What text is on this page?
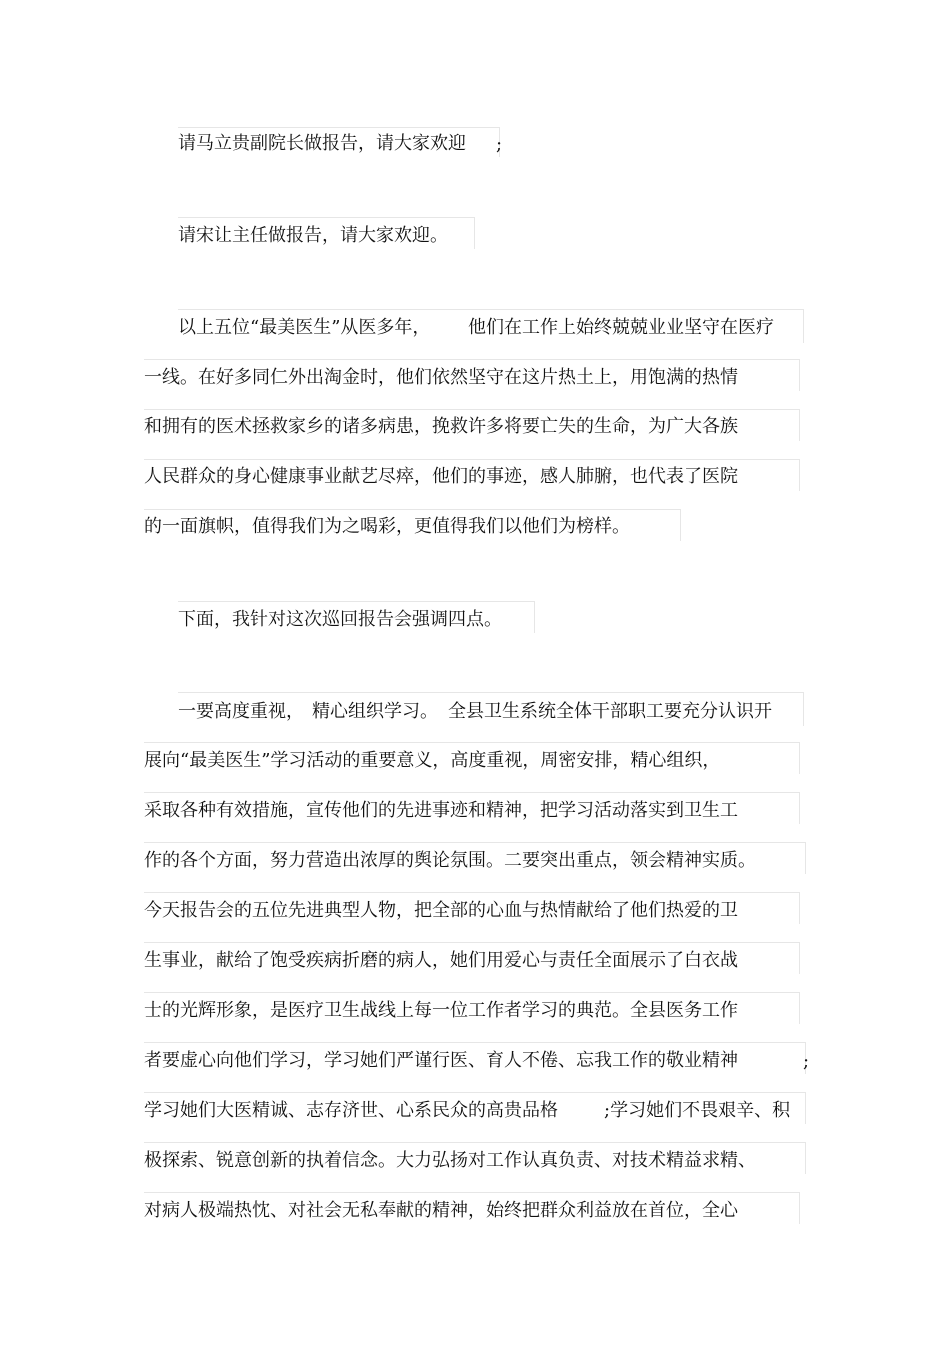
请马立贵副院长做报告，请大家欢迎 ;
请宋让主任做报告，请大家欢迎。
以上五位“最美医生”从医多年， 他们在工作上始终兢兢业业坚守在医疗
一线。在好多同仁外出淘金时，他们依然坚守在这片热土上，用饱满的热情
和拥有的医术拯救家乡的诸多病患，挽救许多将要亡失的生命，为广大各族
人民群众的身心健康事业献艺尽瘁，他们的事迹，感人肺腑，也代表了医院
的一面旗帜，值得我们为之喝彩，更值得我们以他们为榜样。
下面，我针对这次巡回报告会强调四点。
一要高度重视， 精心组织学习。 全县卫生系统全体干部职工要充分认识开
展向“最美医生”学习活动的重要意义，高度重视，周密安排，精心组织，
采取各种有效措施，宣传他们的先进事迹和精神，把学习活动落实到卫生工
作的各个方面，努力营造出浓厚的舆论氛围。二要突出重点，领会精神实质。
今天报告会的五位先进典型人物，把全部的心血与热情献给了他们热爱的卫
生事业，献给了饱受疾病折磨的病人，她们用爱心与责任全面展示了白衣战
士的光辉形象，是医疗卫生战线上每一位工作者学习的典范。全县医务工作
者要虚心向他们学习，学习她们严谨行医、育人不倦、忘我工作的敬业精神	;
学习她们大医精诚、志存济世、心系民众的高贵品格	;学习她们不畏艰辛、积
极探索、锐意创新的执着信念。大力弘扬对工作认真负责、对技术精益求精、
对病人极端热忱、对社会无私奉献的精神，始终把群众利益放在首位，全心
